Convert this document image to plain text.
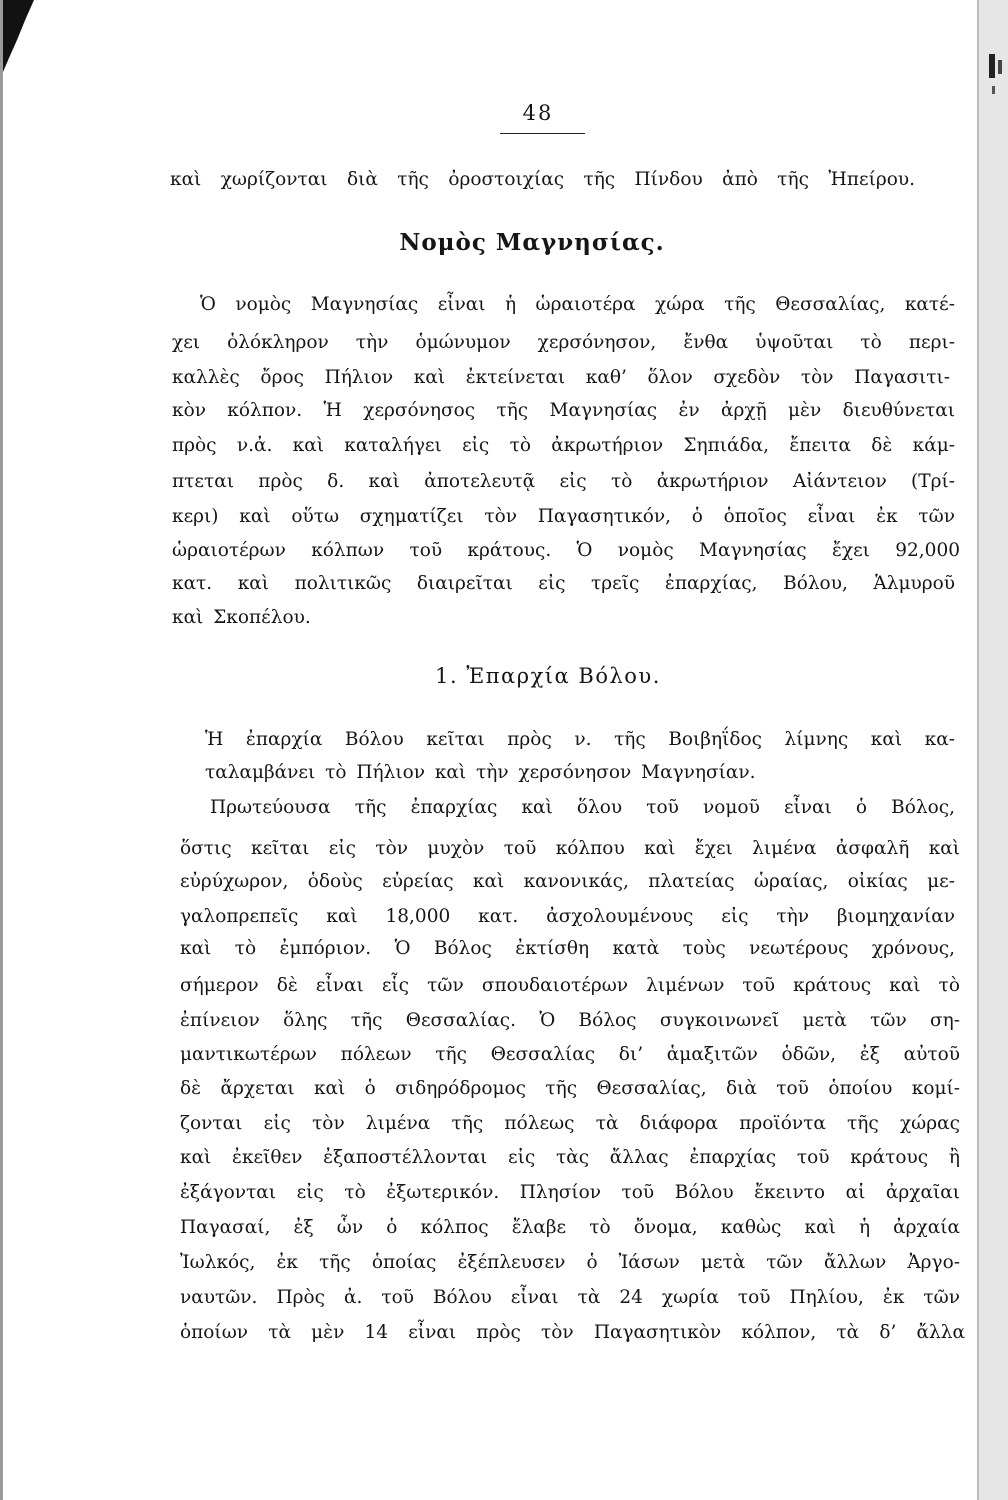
48
καὶ χωρίζονται διὰ τῆς ὀροστοιχίας τῆς Πίνδου ἀπὸ τῆς Ἠπείρου.
Νομὸς Μαγνησίας.
Ὁ νομὸς Μαγνησίας εἶναι ἡ ὡραιοτέρα χώρα τῆς Θεσσαλίας, κατέ-
χει ὁλόκληρον τὴν ὁμώνυμον χερσόνησον, ἔνθα ὑψοῦται τὸ περι-
καλλὲς ὄρος Πήλιον καὶ ἐκτείνεται καθ’ ὅλον σχεδὸν τὸν Παγασιτι-
κὸν κόλπον. Ἡ χερσόνησος τῆς Μαγνησίας ἐν ἀρχῇ μὲν διευθύνεται
πρὸς ν.ἀ. καὶ καταλήγει εἰς τὸ ἀκρωτήριον Σηπιάδα, ἔπειτα δὲ κάμ-
πτεται πρὸς δ. καὶ ἀποτελευτᾷ εἰς τὸ ἀκρωτήριον Αἰάντειον (Τρί-
κερι) καὶ οὕτω σχηματίζει τὸν Παγασητικόν, ὁ ὁποῖος εἶναι ἐκ τῶν
ὡραιοτέρων κόλπων τοῦ κράτους. Ὁ νομὸς Μαγνησίας ἔχει 92,000
κατ. καὶ πολιτικῶς διαιρεῖται εἰς τρεῖς ἐπαρχίας, Βόλου, Ἁλμυροῦ
καὶ Σκοπέλου.
1. Ἐπαρχία Βόλου.
Ἡ ἐπαρχία Βόλου κεῖται πρὸς ν. τῆς Βοιβηΐδος λίμνης καὶ κα-
ταλαμβάνει τὸ Πήλιον καὶ τὴν χερσόνησον Μαγνησίαν.
Πρωτεύουσα τῆς ἐπαρχίας καὶ ὅλου τοῦ νομοῦ εἶναι ὁ Βόλος,
ὅστις κεῖται εἰς τὸν μυχὸν τοῦ κόλπου καὶ ἔχει λιμένα ἀσφαλῆ καὶ
εὐρύχωρον, ὁδοὺς εὐρείας καὶ κανονικάς, πλατείας ὡραίας, οἰκίας με-
γαλοπρεπεῖς καὶ 18,000 κατ. ἀσχολουμένους εἰς τὴν βιομηχανίαν
καὶ τὸ ἐμπόριον. Ὁ Βόλος ἐκτίσθη κατὰ τοὺς νεωτέρους χρόνους,
σήμερον δὲ εἶναι εἷς τῶν σπουδαιοτέρων λιμένων τοῦ κράτους καὶ τὸ
ἐπίνειον ὅλης τῆς Θεσσαλίας. Ὁ Βόλος συγκοινωνεῖ μετὰ τῶν ση-
μαντικωτέρων πόλεων τῆς Θεσσαλίας δι’ ἁμαξιτῶν ὁδῶν, ἐξ αὐτοῦ
δὲ ἄρχεται καὶ ὁ σιδηρόδρομος τῆς Θεσσαλίας, διὰ τοῦ ὁποίου κομί-
ζονται εἰς τὸν λιμένα τῆς πόλεως τὰ διάφορα προϊόντα τῆς χώρας
καὶ ἐκεῖθεν ἐξαποστέλλονται εἰς τὰς ἄλλας ἐπαρχίας τοῦ κράτους ἢ
ἐξάγονται εἰς τὸ ἐξωτερικόν. Πλησίον τοῦ Βόλου ἔκειντο αἱ ἀρχαῖαι
Παγασαί, ἐξ ὧν ὁ κόλπος ἔλαβε τὸ ὄνομα, καθὼς καὶ ἡ ἀρχαία
Ἰωλκός, ἐκ τῆς ὁποίας ἐξέπλευσεν ὁ Ἰάσων μετὰ τῶν ἄλλων Ἀργο-
ναυτῶν. Πρὸς ἀ. τοῦ Βόλου εἶναι τὰ 24 χωρία τοῦ Πηλίου, ἐκ τῶν
ὁποίων τὰ μὲν 14 εἶναι πρὸς τὸν Παγασητικὸν κόλπον, τὰ δ’ ἄλλα
